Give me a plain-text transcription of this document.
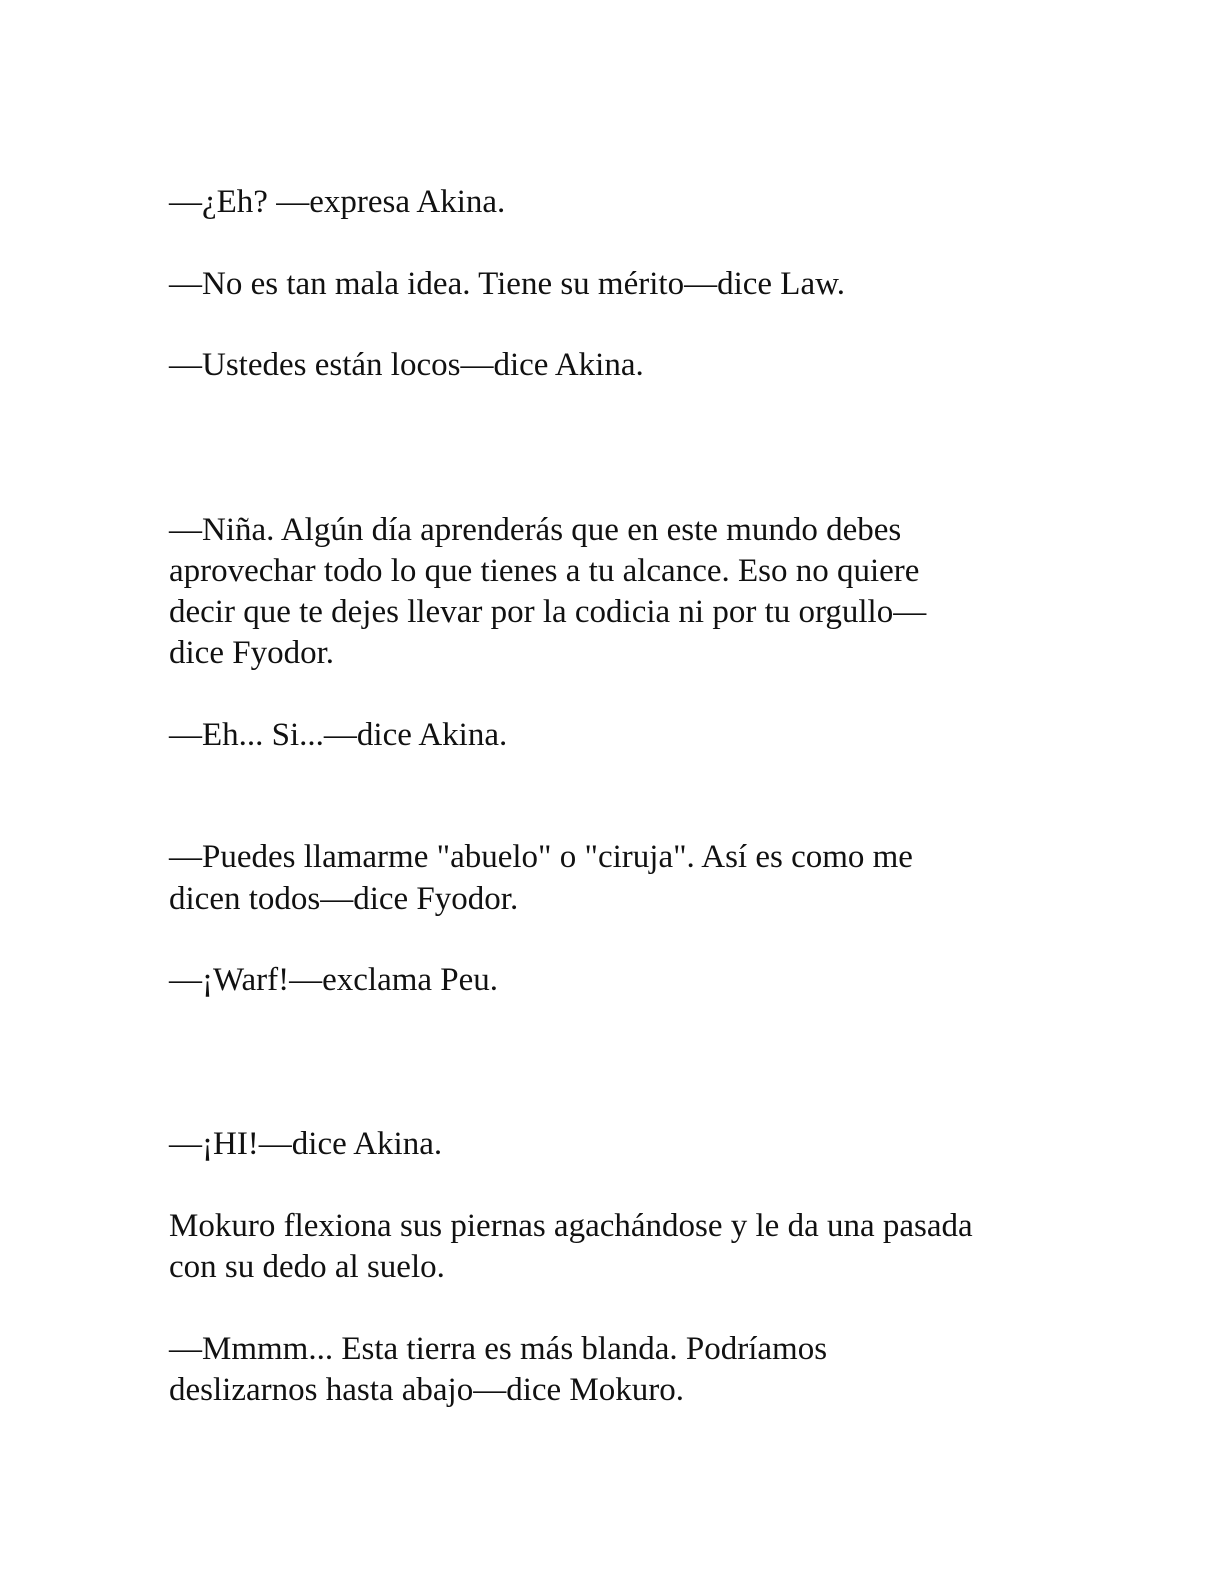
—¿Eh? —expresa Akina.

—No es tan mala idea. Tiene su mérito—dice Law.

—Ustedes están locos—dice Akina.

—Niña. Algún día aprenderás que en este mundo debes

aprovechar todo lo que tienes a tu alcance. Eso no quiere

decir que te dejes llevar por la codicia ni por tu orgullo—

dice Fyodor.

—Eh... Si...—dice Akina.

—Puedes llamarme "abuelo" o "ciruja". Así es como me

dicen todos—dice Fyodor.

—¡Warf!—exclama Peu.

—¡HI!—dice Akina.

Mokuro flexiona sus piernas agachándose y le da una pasada

con su dedo al suelo.

—Mmmm... Esta tierra es más blanda. Podríamos

deslizarnos hasta abajo—dice Mokuro.
